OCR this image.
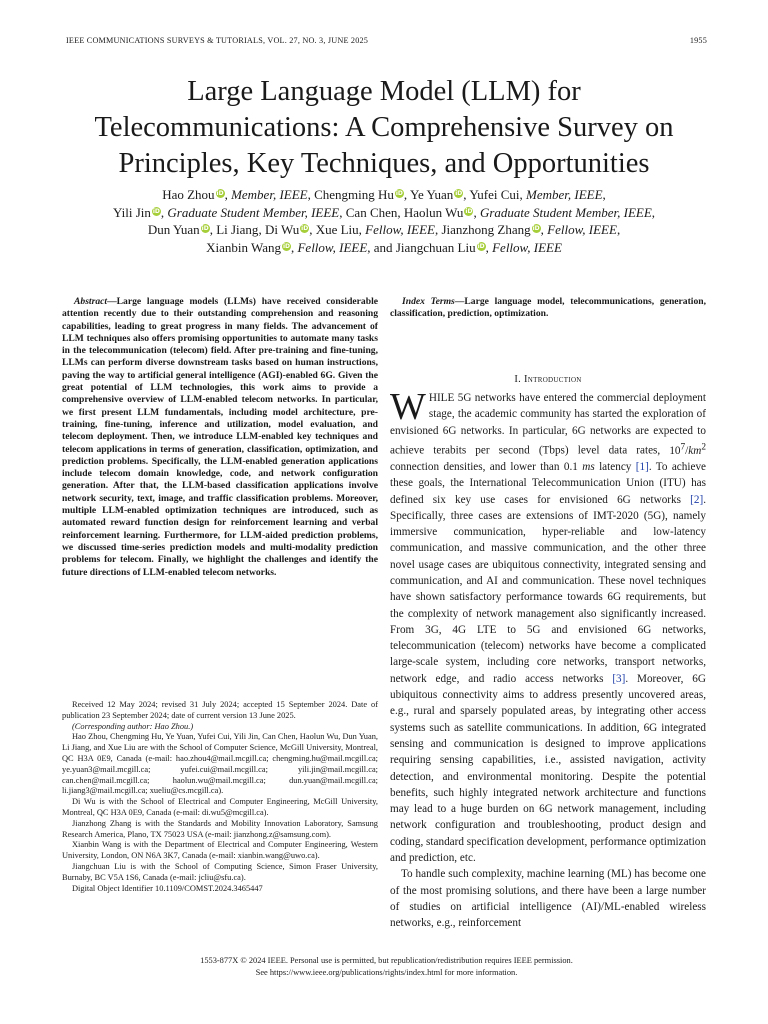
IEEE COMMUNICATIONS SURVEYS & TUTORIALS, VOL. 27, NO. 3, JUNE 2025	1955
Large Language Model (LLM) for
Telecommunications: A Comprehensive Survey on
Principles, Key Techniques, and Opportunities
Hao Zhou iD, Member, IEEE, Chengming Hu iD, Ye Yuan iD, Yufei Cui, Member, IEEE,
Yili Jin iD, Graduate Student Member, IEEE, Can Chen, Haolun Wu iD, Graduate Student Member, IEEE,
Dun Yuan iD, Li Jiang, Di Wu iD, Xue Liu, Fellow, IEEE, Jianzhong Zhang iD, Fellow, IEEE,
Xianbin Wang iD, Fellow, IEEE, and Jiangchuan Liu iD, Fellow, IEEE

Abstract—Large language models (LLMs) have received considerable attention recently due to their outstanding comprehension and reasoning capabilities, leading to great progress in many fields. The advancement of LLM techniques also offers promising opportunities to automate many tasks in the telecommunication (telecom) field. After pre-training and fine-tuning, LLMs can perform diverse downstream tasks based on human instructions, paving the way to artificial general intelligence (AGI)-enabled 6G. Given the great potential of LLM technologies, this work aims to provide a comprehensive overview of LLM-enabled telecom networks. In particular, we first present LLM fundamentals, including model architecture, pre-training, fine-tuning, inference and utilization, model evaluation, and telecom deployment. Then, we introduce LLM-enabled key techniques and telecom applications in terms of generation, classification, optimization, and prediction problems. Specifically, the LLM-enabled generation applications include telecom domain knowledge, code, and network configuration generation. After that, the LLM-based classification applications involve network security, text, image, and traffic classification problems. Moreover, multiple LLM-enabled optimization techniques are introduced, such as automated reward function design for reinforcement learning and verbal reinforcement learning. Furthermore, for LLM-aided prediction problems, we discussed time-series prediction models and multi-modality prediction problems for telecom. Finally, we highlight the challenges and identify the future directions of LLM-enabled telecom networks.

Index Terms—Large language model, telecommunications, generation, classification, prediction, optimization.

I. Introduction

WHILE 5G networks have entered the commercial deployment stage, the academic community has started the exploration of envisioned 6G networks. In particular, 6G networks are expected to achieve terabits per second (Tbps) level data rates, $10^7/km^2$ connection densities, and lower than 0.1 ms latency [1]. To achieve these goals, the International Telecommunication Union (ITU) has defined six key use cases for envisioned 6G networks [2]. Specifically, three cases are extensions of IMT-2020 (5G), namely immersive communication, hyper-reliable and low-latency communication, and massive communication, and the other three novel usage cases are ubiquitous connectivity, integrated sensing and communication, and AI and communication. These novel techniques have shown satisfactory performance towards 6G requirements, but the complexity of network management also significantly increased. From 3G, 4G LTE to 5G and envisioned 6G networks, telecommunication (telecom) networks have become a complicated large-scale system, including core networks, transport networks, network edge, and radio access networks [3]. Moreover, 6G ubiquitous connectivity aims to address presently uncovered areas, e.g., rural and sparsely populated areas, by integrating other access systems such as satellite communications. In addition, 6G integrated sensing and communication is designed to improve applications requiring sensing capabilities, i.e., assisted navigation, activity detection, and environmental monitoring. Despite the potential benefits, such highly integrated network architecture and functions may lead to a huge burden on 6G network management, including network configuration and troubleshooting, product design and coding, standard specification development, performance optimization and prediction, etc.

To handle such complexity, machine learning (ML) has become one of the most promising solutions, and there have been a large number of studies on artificial intelligence (AI)/ML-enabled wireless networks, e.g., reinforcement

Received 12 May 2024; revised 31 July 2024; accepted 15 September 2024. Date of publication 23 September 2024; date of current version 13 June 2025.

(Corresponding author: Hao Zhou.)

Hao Zhou, Chengming Hu, Ye Yuan, Yufei Cui, Yili Jin, Can Chen, Haolun Wu, Dun Yuan, Li Jiang, and Xue Liu are with the School of Computer Science, McGill University, Montreal, QC H3A 0E9, Canada (e-mail: hao.zhou4@mail.mcgill.ca; chengming.hu@mail.mcgill.ca; ye.yuan3@mail.mcgill.ca; yufei.cui@mail.mcgill.ca; yili.jin@mail.mcgill.ca; can.chen@mail.mcgill.ca; haolun.wu@mail.mcgill.ca; dun.yuan@mail.mcgill.ca; li.jiang3@mail.mcgill.ca; xueliu@cs.mcgill.ca).

Di Wu is with the School of Electrical and Computer Engineering, McGill University, Montreal, QC H3A 0E9, Canada (e-mail: di.wu5@mcgill.ca).

Jianzhong Zhang is with the Standards and Mobility Innovation Laboratory, Samsung Research America, Plano, TX 75023 USA (e-mail: jianzhong.z@samsung.com).

Xianbin Wang is with the Department of Electrical and Computer Engineering, Western University, London, ON N6A 3K7, Canada (e-mail: xianbin.wang@uwo.ca).

Jiangchuan Liu is with the School of Computing Science, Simon Fraser University, Burnaby, BC V5A 1S6, Canada (e-mail: jcliu@sfu.ca).

Digital Object Identifier 10.1109/COMST.2024.3465447

1553-877X © 2024 IEEE. Personal use is permitted, but republication/redistribution requires IEEE permission.
See https://www.ieee.org/publications/rights/index.html for more information.
